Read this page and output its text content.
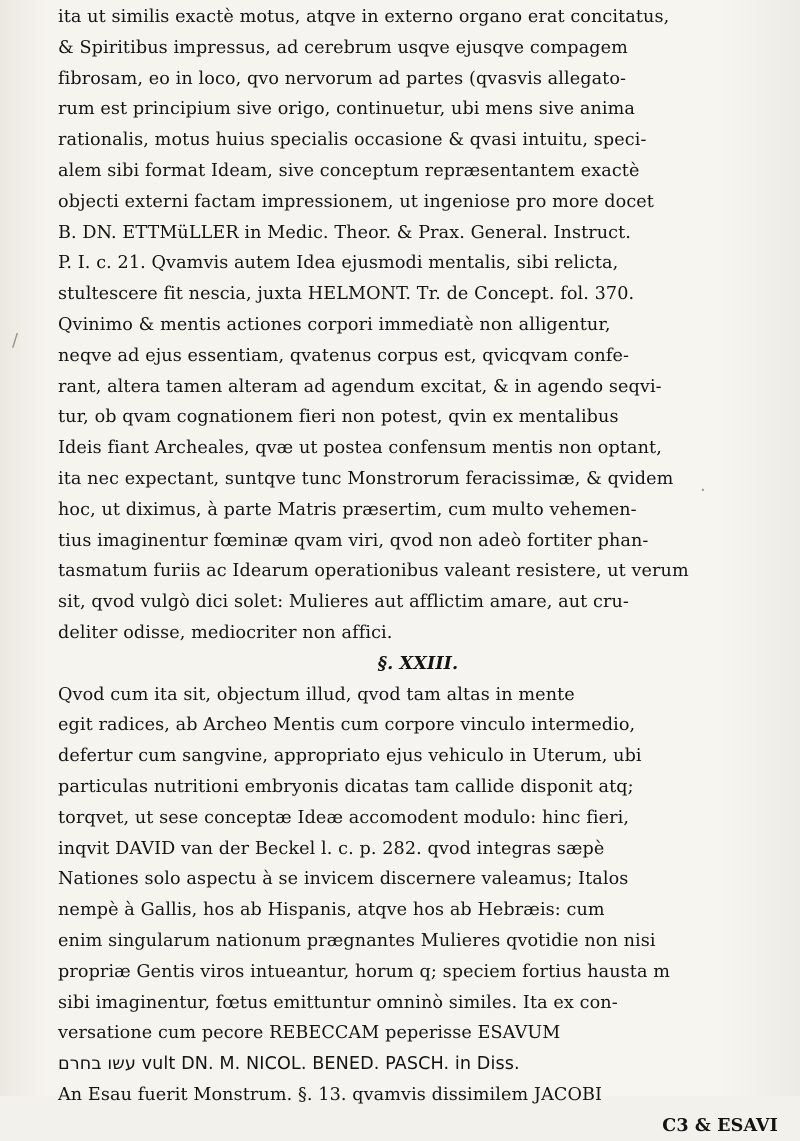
/
·
ita ut similis exactè motus, atqve in externo organo erat concitatus,
& Spiritibus impressus, ad cerebrum usqve ejusqve compagem
fibrosam, eo in loco, qvo nervorum ad partes (qvasvis allegato-
rum est principium sive origo, continuetur, ubi mens sive anima
rationalis, motus huius specialis occasione & qvasi intuitu, speci-
alem sibi format Ideam, sive conceptum repræsentantem exactè
objecti externi factam impressionem, ut ingeniose pro more docet
B. DN. ETTMüLLER in Medic. Theor. & Prax. General. Instruct.
P. I. c. 21. Qvamvis autem Idea ejusmodi mentalis, sibi relicta,
stultescere fit nescia, juxta HELMONT. Tr. de Concept. fol. 370.
Qvinimo & mentis actiones corpori immediatè non alligentur,
neqve ad ejus essentiam, qvatenus corpus est, qvicqvam confe-
rant, altera tamen alteram ad agendum excitat, & in agendo seqvi-
tur, ob qvam cognationem fieri non potest, qvin ex mentalibus
Ideis fiant Archeales, qvæ ut postea confensum mentis non optant,
ita nec expectant, suntqve tunc Monstrorum feracissimæ, & qvidem
hoc, ut diximus, à parte Matris præsertim, cum multo vehemen-
tius imaginentur fœminæ qvam viri, qvod non adeò fortiter phan-
tasmatum furiis ac Idearum operationibus valeant resistere, ut verum
sit, qvod vulgò dici solet: Mulieres aut afflictim amare, aut cru-
deliter odisse, mediocriter non affici.
§. XXIII.
Qvod cum ita sit, objectum illud, qvod tam altas in mente
egit radices, ab Archeo Mentis cum corpore vinculo intermedio,
defertur cum sangvine, appropriato ejus vehiculo in Uterum, ubi
particulas nutritioni embryonis dicatas tam callide disponit atq;
torqvet, ut sese conceptæ Ideæ accomodent modulo: hinc fieri,
inqvit DAVID van der Beckel l. c. p. 282. qvod integras sæpè
Nationes solo aspectu à se invicem discernere valeamus; Italos
nempè à Gallis, hos ab Hispanis, atqve hos ab Hebræis: cum
enim singularum nationum prægnantes Mulieres qvotidie non nisi
propriæ Gentis viros intueantur, horum q; speciem fortius hausta m
sibi imaginentur, fœtus emittuntur omninò similes. Ita ex con-
versatione cum pecore REBECCAM peperisse ESAVUM
עשו בחרם vult DN. M. NICOL. BENED. PASCH. in Diss.
An Esau fuerit Monstrum. §. 13. qvamvis dissimilem JACOBI
C3 & ESAVI
